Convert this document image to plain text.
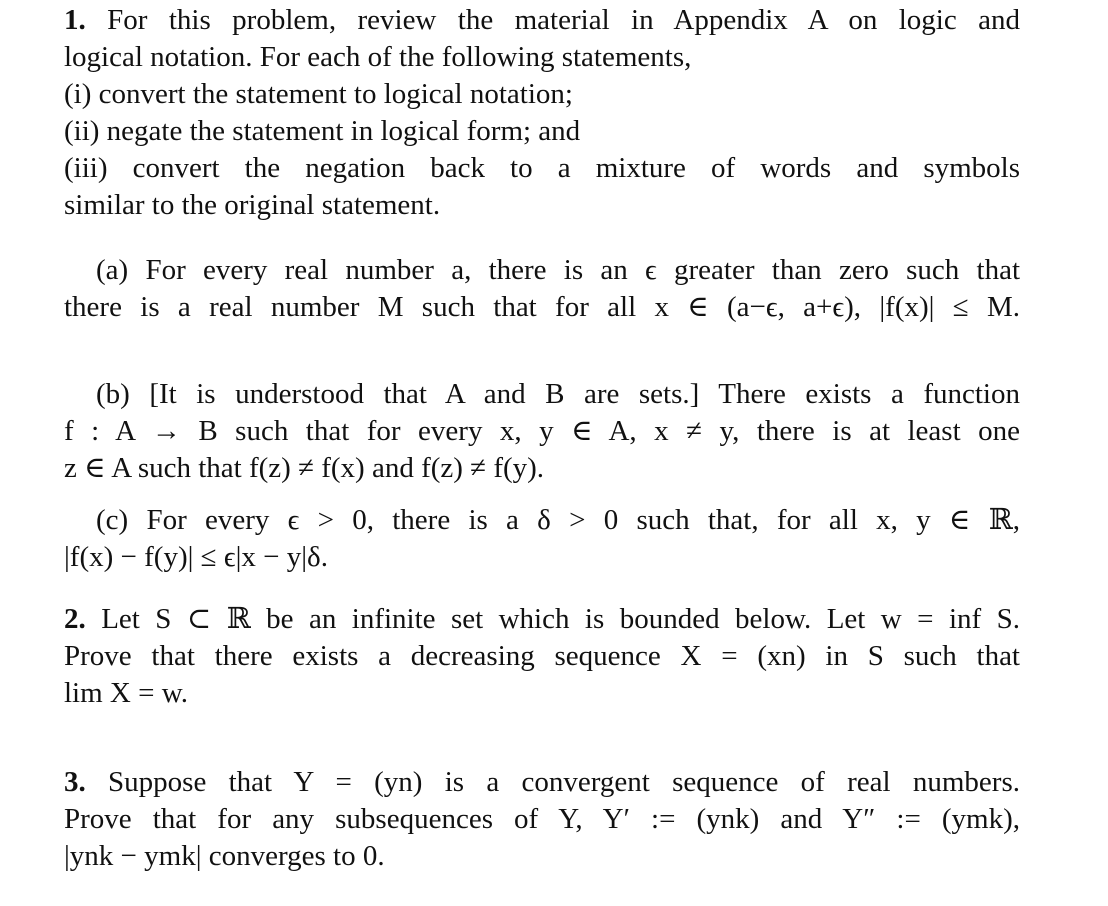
1. For this problem, review the material in Appendix A on logic and
logical notation. For each of the following statements,
(i) convert the statement to logical notation;
(ii) negate the statement in logical form; and
(iii) convert the negation back to a mixture of words and symbols
similar to the original statement.
(a) For every real number a, there is an ϵ greater than zero such that
there is a real number M such that for all x ∈ (a−ϵ, a+ϵ), |f(x)| ≤ M.
(b) [It is understood that A and B are sets.] There exists a function
f : A → B such that for every x, y ∈ A, x ≠ y, there is at least one
z ∈ A such that f(z) ≠ f(x) and f(z) ≠ f(y).
(c) For every ϵ > 0, there is a δ > 0 such that, for all x, y ∈ ℝ,
|f(x) − f(y)| ≤ ϵ|x − y|δ.
2. Let S ⊂ ℝ be an infinite set which is bounded below. Let w = inf S.
Prove that there exists a decreasing sequence X = (xn) in S such that
lim X = w.
3. Suppose that Y = (yn) is a convergent sequence of real numbers.
Prove that for any subsequences of Y, Y′ := (ynk) and Y″ := (ymk),
|ynk − ymk| converges to 0.
